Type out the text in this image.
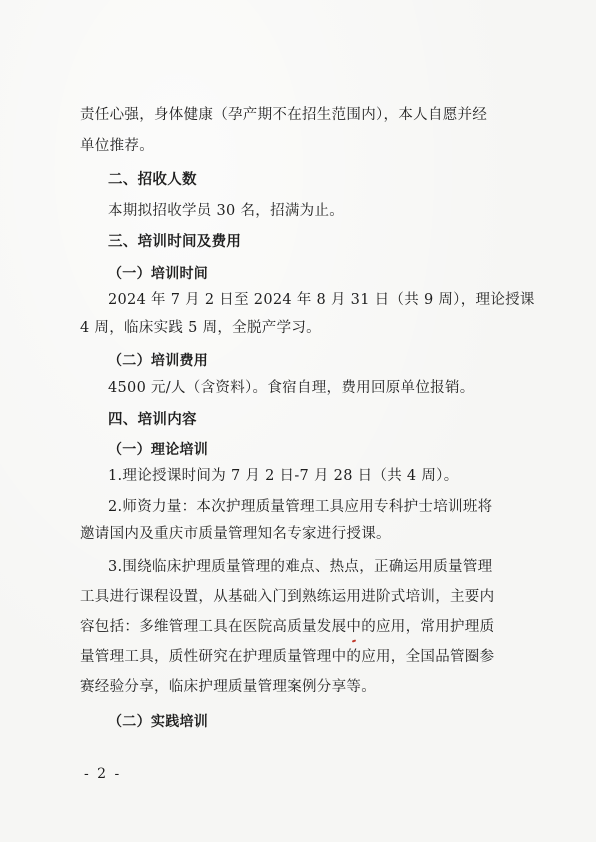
责任心强，身体健康（孕产期不在招生范围内），本人自愿并经
单位推荐。
二、招收人数
本期拟招收学员 30 名，招满为止。
三、培训时间及费用
（一）培训时间
2024 年 7 月 2 日至 2024 年 8 月 31 日（共 9 周），理论授课
4 周，临床实践 5 周，全脱产学习。
（二）培训费用
4500 元/人（含资料）。食宿自理，费用回原单位报销。
四、培训内容
（一）理论培训
1.理论授课时间为 7 月 2 日-7 月 28 日（共 4 周）。
2.师资力量：本次护理质量管理工具应用专科护士培训班将
邀请国内及重庆市质量管理知名专家进行授课。
3.围绕临床护理质量管理的难点、热点，正确运用质量管理
工具进行课程设置，从基础入门到熟练运用进阶式培训，主要内
容包括：多维管理工具在医院高质量发展中的应用，常用护理质
量管理工具，质性研究在护理质量管理中的应用，全国品管圈参
赛经验分享，临床护理质量管理案例分享等。
（二）实践培训
- 2 -
